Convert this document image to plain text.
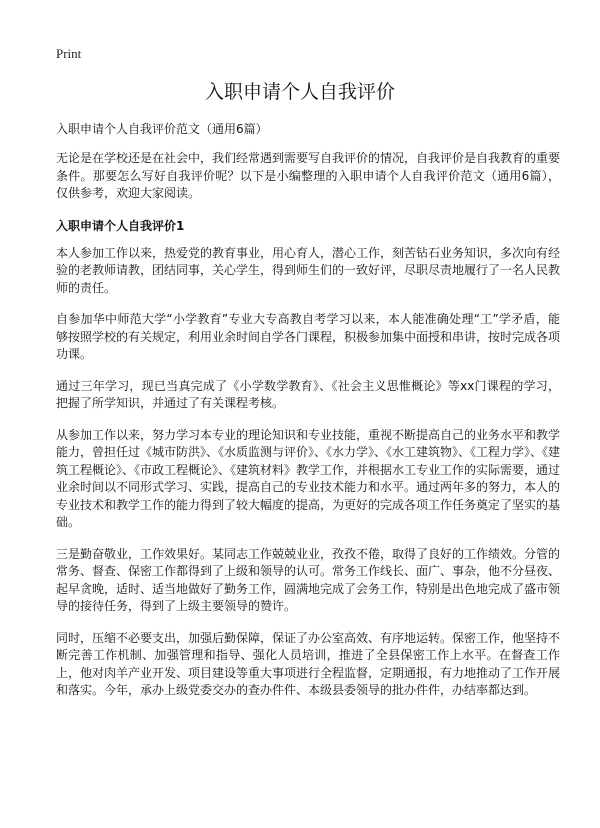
Print
入职申请个人自我评价

入职申请个人自我评价范文（通用6篇）

无论是在学校还是在社会中，我们经常遇到需要写自我评价的情况，自我评价是自我教育的重要条件。那要怎么写好自我评价呢？以下是小编整理的入职申请个人自我评价范文（通用6篇），仅供参考，欢迎大家阅读。

入职申请个人自我评价1

本人参加工作以来，热爱党的教育事业，用心育人，潜心工作，刻苦钻石业务知识，多次向有经验的老教师请教，团结同事，关心学生，得到师生们的一致好评，尽职尽责地履行了一名人民教师的责任。

自参加华中师范大学“小学教育”专业大专高教自考学习以来，本人能准确处理“工”学矛盾，能够按照学校的有关规定，利用业余时间自学各门课程，积极参加集中面授和串讲，按时完成各项功课。

通过三年学习，现已当真完成了《小学数学教育》、《社会主义思惟概论》等xx门课程的学习，把握了所学知识，并通过了有关课程考核。

从参加工作以来，努力学习本专业的理论知识和专业技能，重视不断提高自己的业务水平和教学能力，曾担任过《城市防洪》、《水质监测与评价》、《水力学》、《水工建筑物》、《工程力学》、《建筑工程概论》、《市政工程概论》、《建筑材料》教学工作，并根据水工专业工作的实际需要，通过业余时间以不同形式学习、实践，提高自己的专业技术能力和水平。通过两年多的努力，本人的专业技术和教学工作的能力得到了较大幅度的提高，为更好的完成各项工作任务奠定了坚实的基础。

三是勤奋敬业，工作效果好。某同志工作兢兢业业，孜孜不倦，取得了良好的工作绩效。分管的常务、督查、保密工作都得到了上级和领导的认可。常务工作线长、面广、事杂，他不分昼夜、起早贪晚，适时、适当地做好了勤务工作，圆满地完成了会务工作，特别是出色地完成了盛市领导的接待任务，得到了上级主要领导的赞许。

同时，压缩不必要支出，加强后勤保障，保证了办公室高效、有序地运转。保密工作，他坚持不断完善工作机制、加强管理和指导、强化人员培训，推进了全县保密工作上水平。在督查工作上，他对肉羊产业开发、项目建设等重大事项进行全程监督，定期通报，有力地推动了工作开展和落实。今年，承办上级党委交办的查办件件、本级县委领导的批办件件，办结率都达到。
